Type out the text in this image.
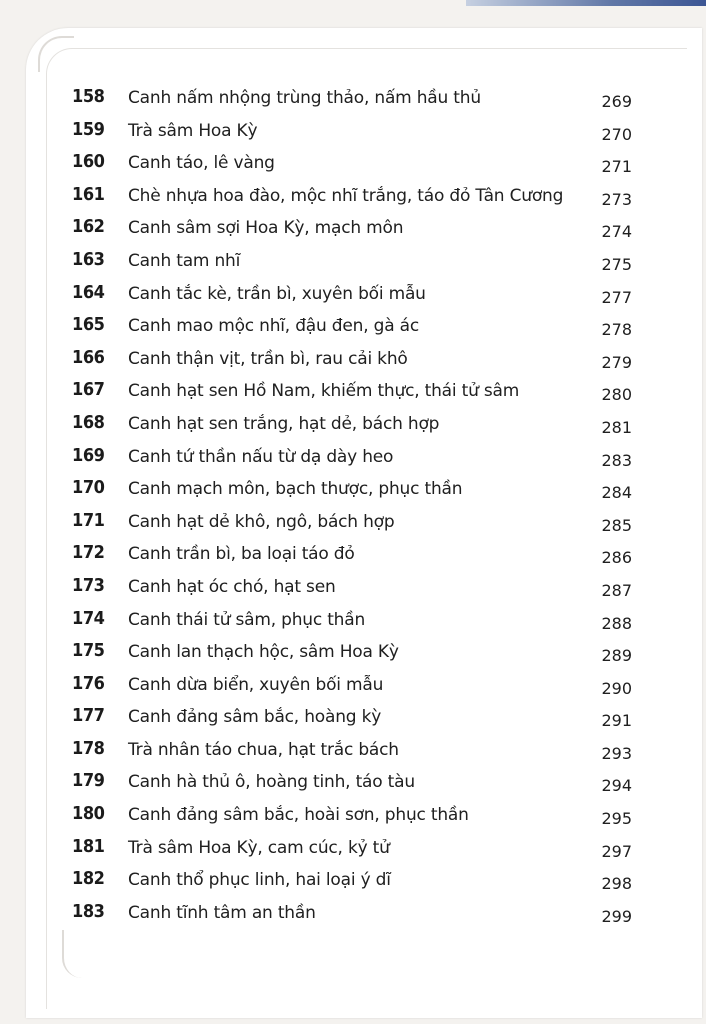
158	Canh nấm nhộng trùng thảo, nấm hầu thủ	269
159	Trà sâm Hoa Kỳ	270
160	Canh táo, lê vàng	271
161	Chè nhựa hoa đào, mộc nhĩ trắng, táo đỏ Tân Cương	273
162	Canh sâm sợi Hoa Kỳ, mạch môn	274
163	Canh tam nhĩ	275
164	Canh tắc kè, trần bì, xuyên bối mẫu	277
165	Canh mao mộc nhĩ, đậu đen, gà ác	278
166	Canh thận vịt, trần bì, rau cải khô	279
167	Canh hạt sen Hồ Nam, khiếm thực, thái tử sâm	280
168	Canh hạt sen trắng, hạt dẻ, bách hợp	281
169	Canh tứ thần nấu từ dạ dày heo	283
170	Canh mạch môn, bạch thược, phục thần	284
171	Canh hạt dẻ khô, ngô, bách hợp	285
172	Canh trần bì, ba loại táo đỏ	286
173	Canh hạt óc chó, hạt sen	287
174	Canh thái tử sâm, phục thần	288
175	Canh lan thạch hộc, sâm Hoa Kỳ	289
176	Canh dừa biển, xuyên bối mẫu	290
177	Canh đảng sâm bắc, hoàng kỳ	291
178	Trà nhân táo chua, hạt trắc bách	293
179	Canh hà thủ ô, hoàng tinh, táo tàu	294
180	Canh đảng sâm bắc, hoài sơn, phục thần	295
181	Trà sâm Hoa Kỳ, cam cúc, kỷ tử	297
182	Canh thổ phục linh, hai loại ý dĩ	298
183	Canh tĩnh tâm an thần	299
